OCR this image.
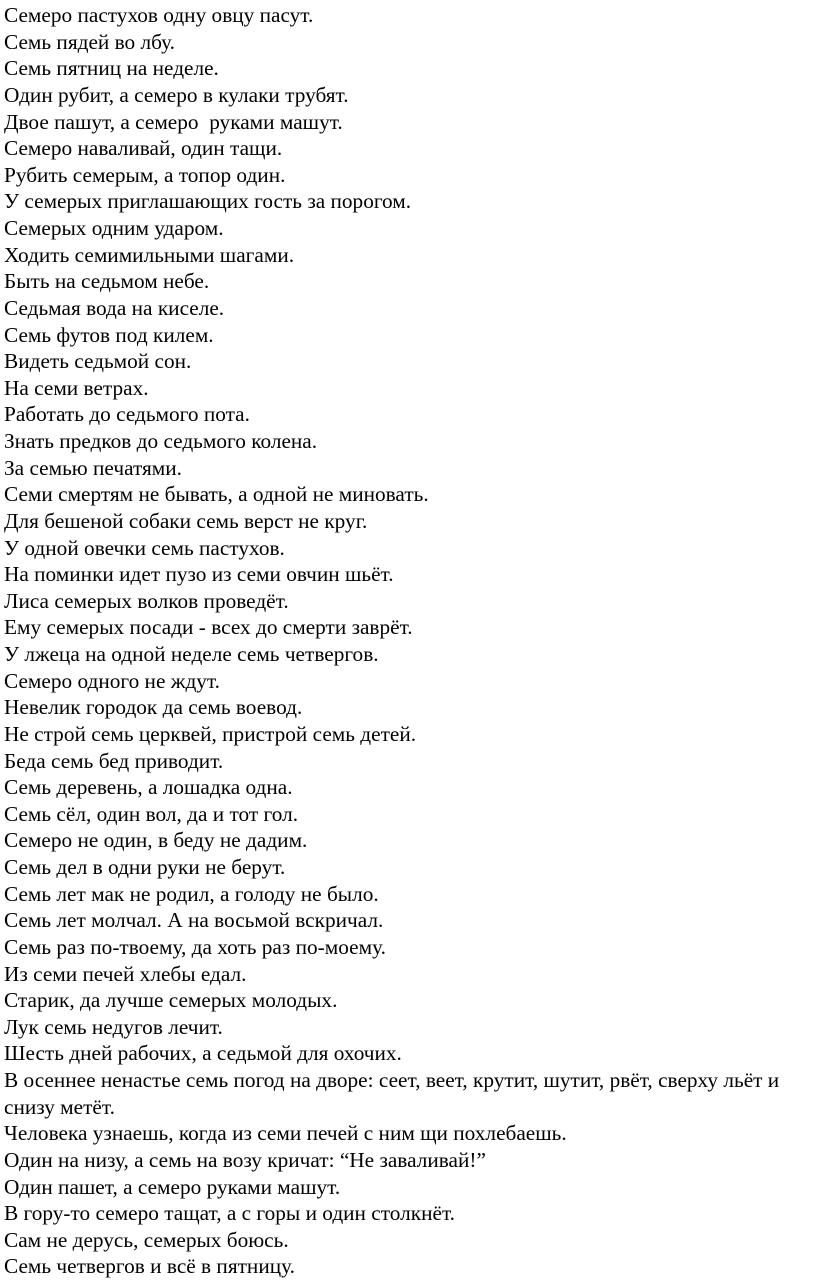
Семеро пастухов одну овцу пасут.
Семь пядей во лбу.
Семь пятниц на неделе.
Один рубит, а семеро в кулаки трубят.
Двое пашут, а семеро  руками машут.
Семеро наваливай, один тащи.
Рубить семерым, а топор один.
У семерых приглашающих гость за порогом.
Семерых одним ударом.
Ходить семимильными шагами.
Быть на седьмом небе.
Седьмая вода на киселе.
Семь футов под килем.
Видеть седьмой сон.
На семи ветрах.
Работать до седьмого пота.
Знать предков до седьмого колена.
За семью печатями.
Семи смертям не бывать, а одной не миновать.
Для бешеной собаки семь верст не круг.
У одной овечки семь пастухов.
На поминки идет пузо из семи овчин шьёт.
Лиса семерых волков проведёт.
Ему семерых посади - всех до смерти заврёт.
У лжеца на одной неделе семь четвергов.
Семеро одного не ждут.
Невелик городок да семь воевод.
Не строй семь церквей, пристрой семь детей.
Беда семь бед приводит.
Семь деревень, а лошадка одна.
Семь сёл, один вол, да и тот гол.
Семеро не один, в беду не дадим.
Семь дел в одни руки не берут.
Семь лет мак не родил, а голоду не было.
Семь лет молчал. А на восьмой вскричал.
Семь раз по-твоему, да хоть раз по-моему.
Из семи печей хлебы едал.
Старик, да лучше семерых молодых.
Лук семь недугов лечит.
Шесть дней рабочих, а седьмой для охочих.
В осеннее ненастье семь погод на дворе: сеет, веет, крутит, шутит, рвёт, сверху льёт и снизу метёт.
Человека узнаешь, когда из семи печей с ним щи похлебаешь.
Один на низу, а семь на возу кричат: “Не заваливай!”
Один пашет, а семеро руками машут.
В гору-то семеро тащат, а с горы и один столкнёт.
Сам не дерусь, семерых боюсь.
Семь четвергов и всё в пятницу.
